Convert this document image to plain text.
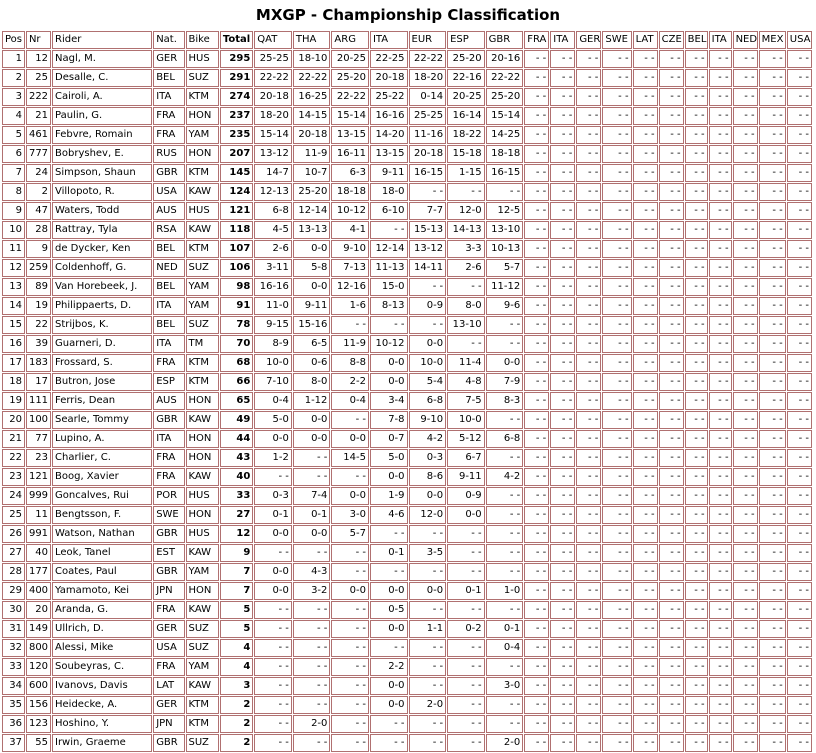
MXGP - Championship Classification
Pos	Nr	Rider	Nat.	Bike	Total	QAT	THA	ARG	ITA	EUR	ESP	GBR	FRA	ITA	GER	SWE	LAT	CZE	BEL	ITA	NED	MEX	USA
1	12	Nagl, M.	GER	HUS	295	25-25	18-10	20-25	22-25	22-22	25-20	20-16	- -	- -	- -	- -	- -	- -	- -	- -	- -	- -	- -
2	25	Desalle, C.	BEL	SUZ	291	22-22	22-22	25-20	20-18	18-20	22-16	22-22	- -	- -	- -	- -	- -	- -	- -	- -	- -	- -	- -
3	222	Cairoli, A.	ITA	KTM	274	20-18	16-25	22-22	25-22	0-14	20-25	25-20	- -	- -	- -	- -	- -	- -	- -	- -	- -	- -	- -
4	21	Paulin, G.	FRA	HON	237	18-20	14-15	15-14	16-16	25-25	16-14	15-14	- -	- -	- -	- -	- -	- -	- -	- -	- -	- -	- -
5	461	Febvre, Romain	FRA	YAM	235	15-14	20-18	13-15	14-20	11-16	18-22	14-25	- -	- -	- -	- -	- -	- -	- -	- -	- -	- -	- -
6	777	Bobryshev, E.	RUS	HON	207	13-12	11-9	16-11	13-15	20-18	15-18	18-18	- -	- -	- -	- -	- -	- -	- -	- -	- -	- -	- -
7	24	Simpson, Shaun	GBR	KTM	145	14-7	10-7	6-3	9-11	16-15	1-15	16-15	- -	- -	- -	- -	- -	- -	- -	- -	- -	- -	- -
8	2	Villopoto, R.	USA	KAW	124	12-13	25-20	18-18	18-0	- -	- -	- -	- -	- -	- -	- -	- -	- -	- -	- -	- -	- -	- -
9	47	Waters, Todd	AUS	HUS	121	6-8	12-14	10-12	6-10	7-7	12-0	12-5	- -	- -	- -	- -	- -	- -	- -	- -	- -	- -	- -
10	28	Rattray, Tyla	RSA	KAW	118	4-5	13-13	4-1	- -	15-13	14-13	13-10	- -	- -	- -	- -	- -	- -	- -	- -	- -	- -	- -
11	9	de Dycker, Ken	BEL	KTM	107	2-6	0-0	9-10	12-14	13-12	3-3	10-13	- -	- -	- -	- -	- -	- -	- -	- -	- -	- -	- -
12	259	Coldenhoff, G.	NED	SUZ	106	3-11	5-8	7-13	11-13	14-11	2-6	5-7	- -	- -	- -	- -	- -	- -	- -	- -	- -	- -	- -
13	89	Van Horebeek, J.	BEL	YAM	98	16-16	0-0	12-16	15-0	- -	- -	11-12	- -	- -	- -	- -	- -	- -	- -	- -	- -	- -	- -
14	19	Philippaerts, D.	ITA	YAM	91	11-0	9-11	1-6	8-13	0-9	8-0	9-6	- -	- -	- -	- -	- -	- -	- -	- -	- -	- -	- -
15	22	Strijbos, K.	BEL	SUZ	78	9-15	15-16	- -	- -	- -	13-10	- -	- -	- -	- -	- -	- -	- -	- -	- -	- -	- -	- -
16	39	Guarneri, D.	ITA	TM	70	8-9	6-5	11-9	10-12	0-0	- -	- -	- -	- -	- -	- -	- -	- -	- -	- -	- -	- -	- -
17	183	Frossard, S.	FRA	KTM	68	10-0	0-6	8-8	0-0	10-0	11-4	0-0	- -	- -	- -	- -	- -	- -	- -	- -	- -	- -	- -
18	17	Butron, Jose	ESP	KTM	66	7-10	8-0	2-2	0-0	5-4	4-8	7-9	- -	- -	- -	- -	- -	- -	- -	- -	- -	- -	- -
19	111	Ferris, Dean	AUS	HON	65	0-4	1-12	0-4	3-4	6-8	7-5	8-3	- -	- -	- -	- -	- -	- -	- -	- -	- -	- -	- -
20	100	Searle, Tommy	GBR	KAW	49	5-0	0-0	- -	7-8	9-10	10-0	- -	- -	- -	- -	- -	- -	- -	- -	- -	- -	- -	- -
21	77	Lupino, A.	ITA	HON	44	0-0	0-0	0-0	0-7	4-2	5-12	6-8	- -	- -	- -	- -	- -	- -	- -	- -	- -	- -	- -
22	23	Charlier, C.	FRA	HON	43	1-2	- -	14-5	5-0	0-3	6-7	- -	- -	- -	- -	- -	- -	- -	- -	- -	- -	- -	- -
23	121	Boog, Xavier	FRA	KAW	40	- -	- -	- -	0-0	8-6	9-11	4-2	- -	- -	- -	- -	- -	- -	- -	- -	- -	- -	- -
24	999	Goncalves, Rui	POR	HUS	33	0-3	7-4	0-0	1-9	0-0	0-9	- -	- -	- -	- -	- -	- -	- -	- -	- -	- -	- -	- -
25	11	Bengtsson, F.	SWE	HON	27	0-1	0-1	3-0	4-6	12-0	0-0	- -	- -	- -	- -	- -	- -	- -	- -	- -	- -	- -	- -
26	991	Watson, Nathan	GBR	HUS	12	0-0	0-0	5-7	- -	- -	- -	- -	- -	- -	- -	- -	- -	- -	- -	- -	- -	- -	- -
27	40	Leok, Tanel	EST	KAW	9	- -	- -	- -	0-1	3-5	- -	- -	- -	- -	- -	- -	- -	- -	- -	- -	- -	- -	- -
28	177	Coates, Paul	GBR	YAM	7	0-0	4-3	- -	- -	- -	- -	- -	- -	- -	- -	- -	- -	- -	- -	- -	- -	- -	- -
29	400	Yamamoto, Kei	JPN	HON	7	0-0	3-2	0-0	0-0	0-0	0-1	1-0	- -	- -	- -	- -	- -	- -	- -	- -	- -	- -	- -
30	20	Aranda, G.	FRA	KAW	5	- -	- -	- -	0-5	- -	- -	- -	- -	- -	- -	- -	- -	- -	- -	- -	- -	- -	- -
31	149	Ullrich, D.	GER	SUZ	5	- -	- -	- -	0-0	1-1	0-2	0-1	- -	- -	- -	- -	- -	- -	- -	- -	- -	- -	- -
32	800	Alessi, Mike	USA	SUZ	4	- -	- -	- -	- -	- -	- -	0-4	- -	- -	- -	- -	- -	- -	- -	- -	- -	- -	- -
33	120	Soubeyras, C.	FRA	YAM	4	- -	- -	- -	2-2	- -	- -	- -	- -	- -	- -	- -	- -	- -	- -	- -	- -	- -	- -
34	600	Ivanovs, Davis	LAT	KAW	3	- -	- -	- -	0-0	- -	- -	3-0	- -	- -	- -	- -	- -	- -	- -	- -	- -	- -	- -
35	156	Heidecke, A.	GER	KTM	2	- -	- -	- -	0-0	2-0	- -	- -	- -	- -	- -	- -	- -	- -	- -	- -	- -	- -	- -
36	123	Hoshino, Y.	JPN	KTM	2	- -	2-0	- -	- -	- -	- -	- -	- -	- -	- -	- -	- -	- -	- -	- -	- -	- -	- -
37	55	Irwin, Graeme	GBR	SUZ	2	- -	- -	- -	- -	- -	- -	2-0	- -	- -	- -	- -	- -	- -	- -	- -	- -	- -	- -
